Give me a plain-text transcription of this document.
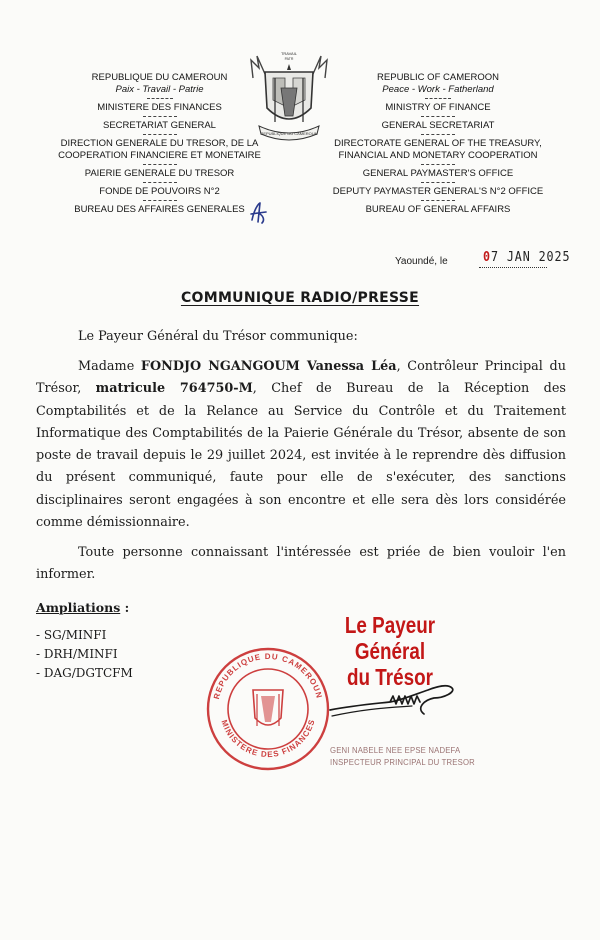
REPUBLIQUE DU CAMEROUN

Paix - Travail - Patrie

MINISTERE DES FINANCES

SECRETARIAT GENERAL

DIRECTION GENERALE DU TRESOR, DE LA COOPERATION FINANCIERE ET MONETAIRE

PAIERIE GENERALE DU TRESOR

FONDE DE POUVOIRS N°2

BUREAU DES AFFAIRES GENERALES

TRAVAIL
PATR
REPUBLIQUE DU CAMEROUN

REPUBLIC OF CAMEROON

Peace - Work - Fatherland

MINISTRY OF FINANCE

GENERAL SECRETARIAT

DIRECTORATE GENERAL OF THE TREASURY, FINANCIAL AND MONETARY COOPERATION

GENERAL PAYMASTER'S OFFICE

DEPUTY PAYMASTER GENERAL'S N°2 OFFICE

BUREAU OF GENERAL AFFAIRS

Yaoundé, le	07 JAN 2025
COMMUNIQUE RADIO/PRESSE
Le Payeur Général du Trésor communique:
Madame FONDJO NGANGOUM Vanessa Léa, Contrôleur Principal du Trésor, matricule 764750-M, Chef de Bureau de la Réception des Comptabilités et de la Relance au Service du Contrôle et du Traitement Informatique des Comptabilités de la Paierie Générale du Trésor, absente de son poste de travail depuis le 29 juillet 2024, est invitée à le reprendre dès diffusion du présent communiqué, faute pour elle de s'exécuter, des sanctions disciplinaires seront engagées à son encontre et elle sera dès lors considérée comme démissionnaire.
Toute personne connaissant l'intéressée est priée de bien vouloir l'en informer.
Ampliations :
- SG/MINFI
- DRH/MINFI
- DAG/DGTCFM
REPUBLIQUE DU CAMEROUN
MINISTERE DES FINANCES
Le Payeur Général
du Trésor
GENI NABELE NEE EPSE NADEFA
INSPECTEUR PRINCIPAL DU TRESOR
